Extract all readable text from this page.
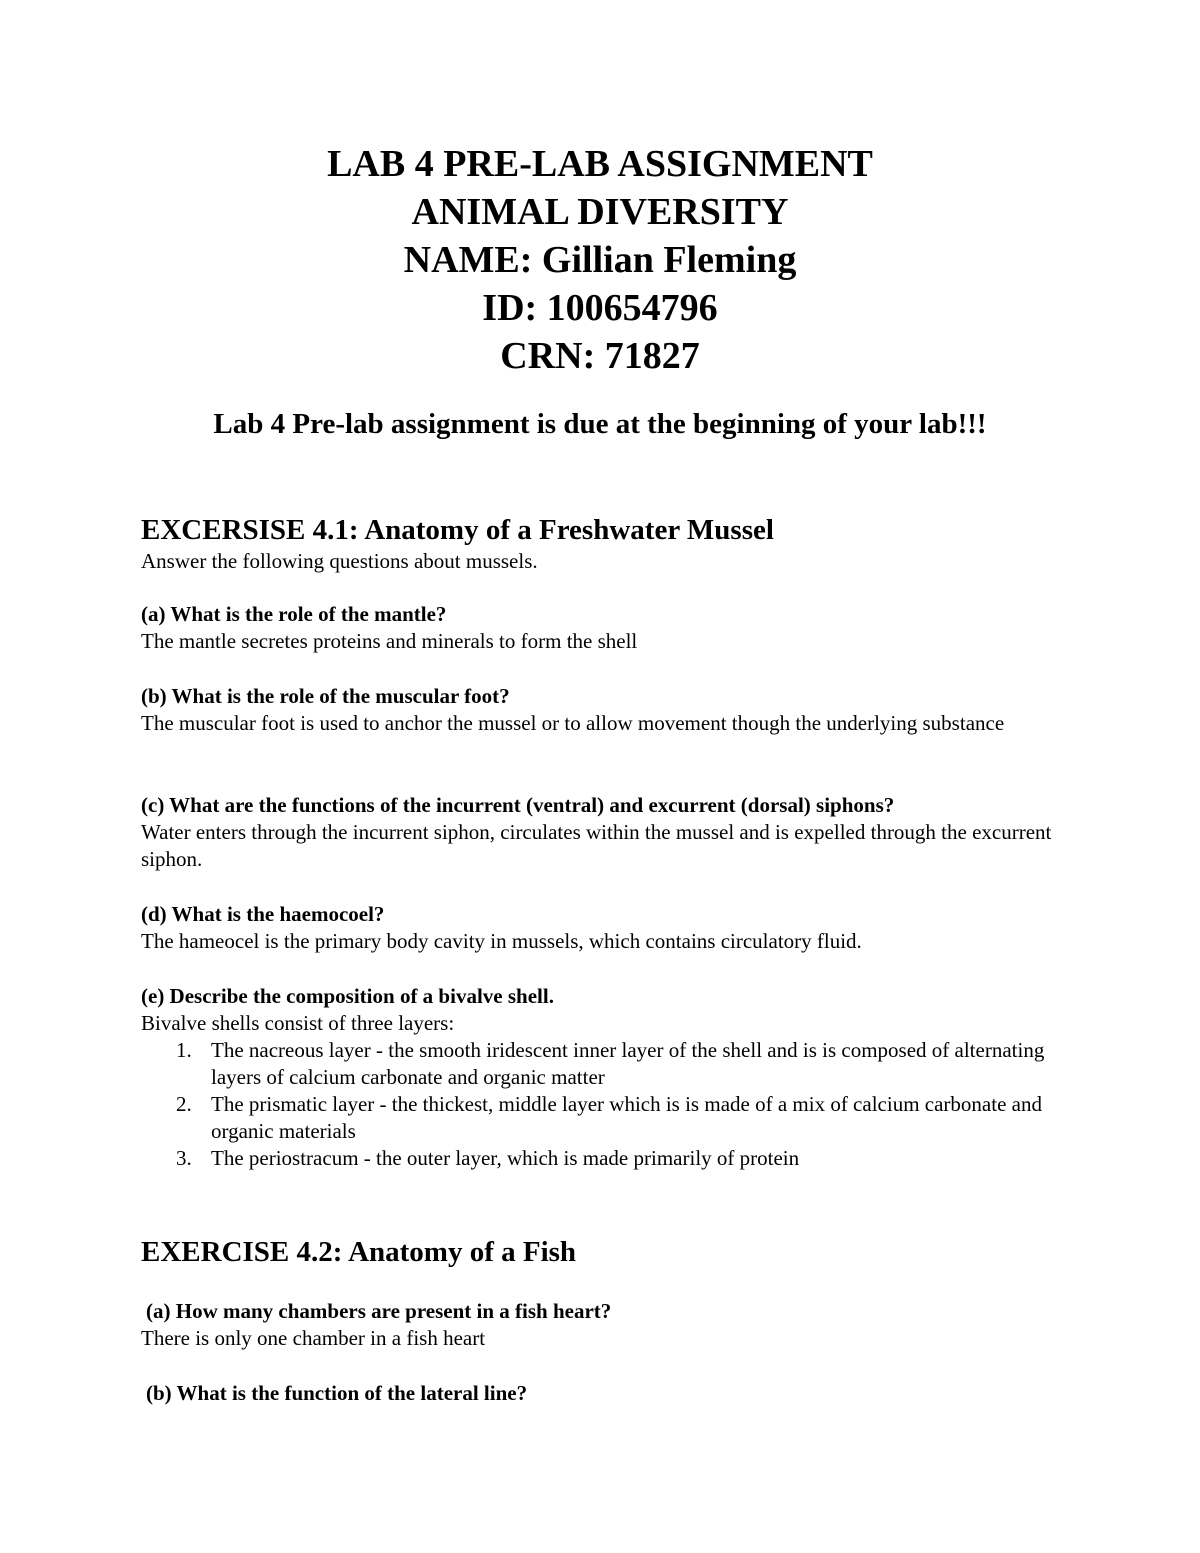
LAB 4 PRE-LAB ASSIGNMENT
ANIMAL DIVERSITY
NAME: Gillian Fleming
ID: 100654796
CRN: 71827
Lab 4 Pre-lab assignment is due at the beginning of your lab!!!
EXCERSISE 4.1: Anatomy of a Freshwater Mussel
Answer the following questions about mussels.
(a) What is the role of the mantle?
The mantle secretes proteins and minerals to form the shell
(b) What is the role of the muscular foot?
The muscular foot is used to anchor the mussel or to allow movement though the underlying substance
(c) What are the functions of the incurrent (ventral) and excurrent (dorsal) siphons?
Water enters through the incurrent siphon, circulates within the mussel and is expelled through the excurrent siphon.
(d) What is the haemocoel?
The hameocel is the primary body cavity in mussels, which contains circulatory fluid.
(e) Describe the composition of a bivalve shell.
Bivalve shells consist of three layers:
1. The nacreous layer - the smooth iridescent inner layer of the shell and is is composed of alternating layers of calcium carbonate and organic matter
2. The prismatic layer - the thickest, middle layer which is is made of a mix of calcium carbonate and organic materials
3. The periostracum - the outer layer, which is made primarily of protein
EXERCISE 4.2: Anatomy of a Fish
(a) How many chambers are present in a fish heart?
There is only one chamber in a fish heart
(b) What is the function of the lateral line?
